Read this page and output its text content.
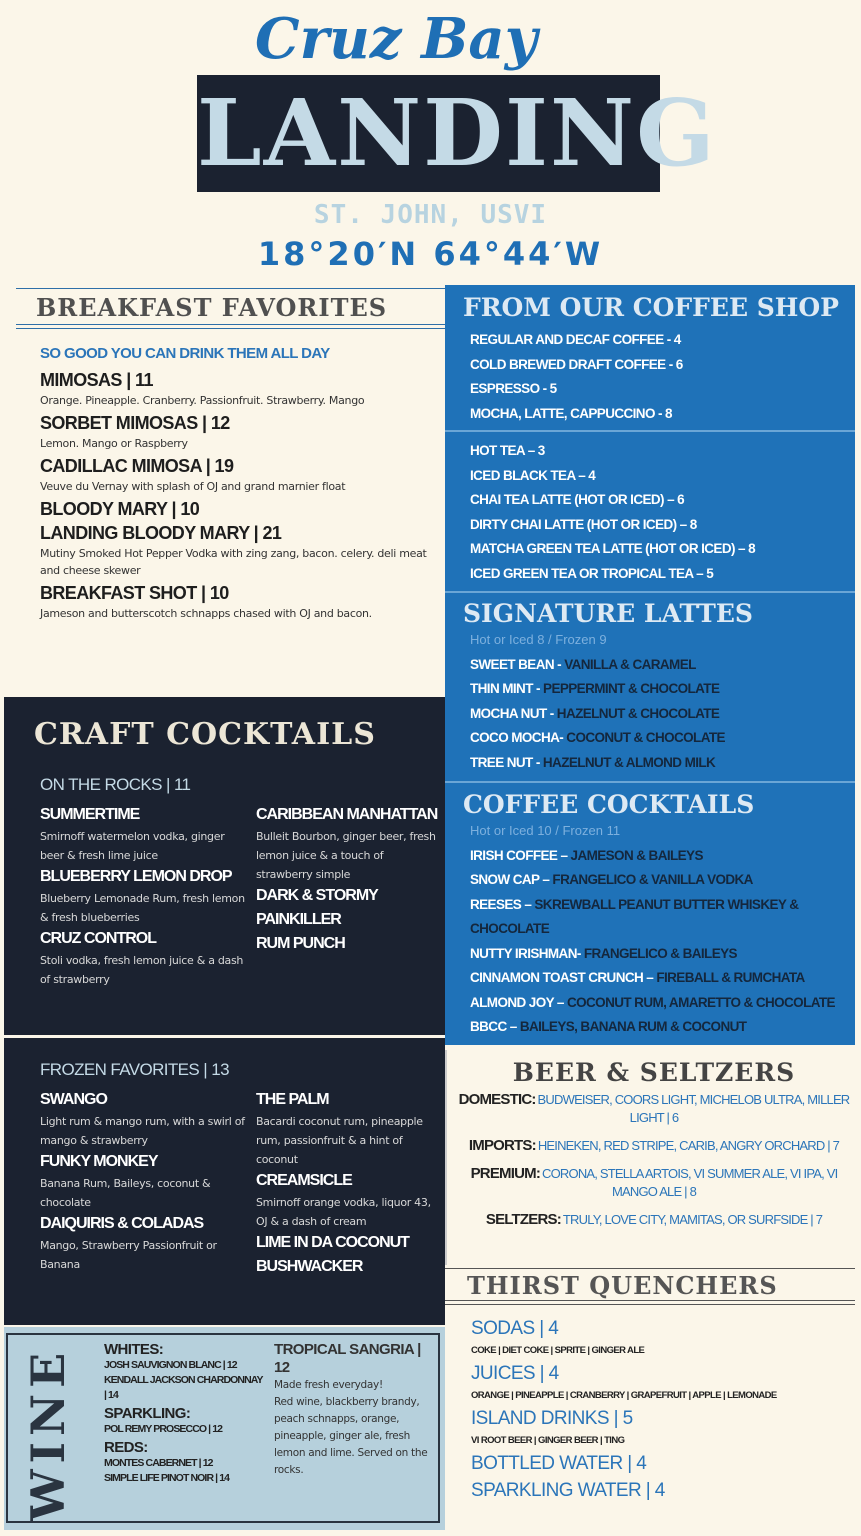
LANDING
Cruz Bay
ST. JOHN, USVI
18°20′N 64°44′W
BREAKFAST FAVORITES
SO GOOD YOU CAN DRINK THEM ALL DAY
MIMOSAS | 11
Orange. Pineapple. Cranberry. Passionfruit. Strawberry. Mango
SORBET MIMOSAS | 12
Lemon. Mango or Raspberry
CADILLAC MIMOSA | 19
Veuve du Vernay with splash of OJ and grand marnier float
BLOODY MARY | 10
LANDING BLOODY MARY | 21
Mutiny Smoked Hot Pepper Vodka with zing zang, bacon. celery. deli meat and cheese skewer
BREAKFAST SHOT | 10
Jameson and butterscotch schnapps chased with OJ and bacon.
CRAFT COCKTAILS
ON THE ROCKS | 11
SUMMERTIME
Smirnoff watermelon vodka, ginger beer & fresh lime juice
BLUEBERRY LEMON DROP
Blueberry Lemonade Rum, fresh lemon & fresh blueberries
CRUZ CONTROL
Stoli vodka, fresh lemon juice & a dash of strawberry
CARIBBEAN MANHATTAN
Bulleit Bourbon, ginger beer, fresh lemon juice & a touch of strawberry simple
DARK & STORMY
PAINKILLER
RUM PUNCH
FROZEN FAVORITES | 13
SWANGO
Light rum & mango rum, with a swirl of mango & strawberry
FUNKY MONKEY
Banana Rum, Baileys, coconut & chocolate
DAIQUIRIS & COLADAS
Mango, Strawberry Passionfruit or Banana
THE PALM
Bacardi coconut rum, pineapple rum, passionfruit & a hint of coconut
CREAMSICLE
Smirnoff orange vodka, liquor 43, OJ & a dash of cream
LIME IN DA COCONUT
BUSHWACKER
WINE WHITES:
JOSH SAUVIGNON BLANC | 12
KENDALL JACKSON CHARDONNAY | 14
SPARKLING:
POL REMY PROSECCO | 12
REDS:
MONTES CABERNET | 12
SIMPLE LIFE PINOT NOIR | 14
TROPICAL SANGRIA | 12
Made fresh everyday!
Red wine, blackberry brandy, peach schnapps, orange, pineapple, ginger ale, fresh lemon and lime. Served on the rocks.
FROM OUR COFFEE SHOP
REGULAR AND DECAF COFFEE - 4
COLD BREWED DRAFT COFFEE - 6
ESPRESSO - 5
MOCHA, LATTE, CAPPUCCINO - 8
HOT TEA – 3
ICED BLACK TEA – 4
CHAI TEA LATTE (HOT OR ICED) – 6
DIRTY CHAI LATTE (HOT OR ICED) – 8
MATCHA GREEN TEA LATTE (HOT OR ICED) – 8
ICED GREEN TEA OR TROPICAL TEA – 5
SIGNATURE LATTES
Hot or Iced 8 / Frozen 9
SWEET BEAN - VANILLA & CARAMEL
THIN MINT - PEPPERMINT & CHOCOLATE
MOCHA NUT - HAZELNUT & CHOCOLATE
COCO MOCHA- COCONUT & CHOCOLATE
TREE NUT - HAZELNUT & ALMOND MILK
COFFEE COCKTAILS
Hot or Iced 10 / Frozen 11
IRISH COFFEE – JAMESON & BAILEYS
SNOW CAP – FRANGELICO & VANILLA VODKA
REESES – SKREWBALL PEANUT BUTTER WHISKEY & CHOCOLATE
NUTTY IRISHMAN- FRANGELICO & BAILEYS
CINNAMON TOAST CRUNCH – FIREBALL & RUMCHATA
ALMOND JOY – COCONUT RUM, AMARETTO & CHOCOLATE
BBCC – BAILEYS, BANANA RUM & COCONUT
BEER & SELTZERS
DOMESTIC: BUDWEISER, COORS LIGHT, MICHELOB ULTRA, MILLER LIGHT | 6
IMPORTS: HEINEKEN, RED STRIPE, CARIB, ANGRY ORCHARD | 7
PREMIUM: CORONA, STELLA ARTOIS, VI SUMMER ALE, VI IPA, VI MANGO ALE | 8
SELTZERS: TRULY, LOVE CITY, MAMITAS, OR SURFSIDE | 7
THIRST QUENCHERS
SODAS | 4
COKE | DIET COKE | SPRITE | GINGER ALE
JUICES | 4
ORANGE | PINEAPPLE | CRANBERRY | GRAPEFRUIT | APPLE | LEMONADE
ISLAND DRINKS | 5
VI ROOT BEER | GINGER BEER | TING
BOTTLED WATER | 4
SPARKLING WATER | 4
